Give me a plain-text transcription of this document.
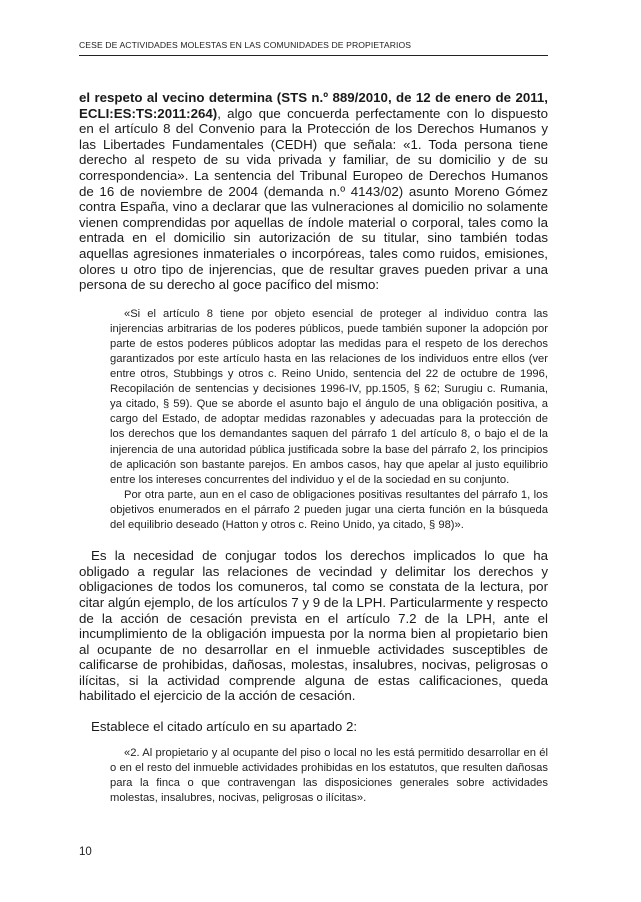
CESE DE ACTIVIDADES MOLESTAS EN LAS COMUNIDADES DE PROPIETARIOS

el respeto al vecino determina (STS n.º 889/2010, de 12 de enero de 2011, ECLI:ES:TS:2011:264), algo que concuerda perfectamente con lo dispuesto en el artículo 8 del Convenio para la Protección de los Derechos Humanos y las Libertades Fundamentales (CEDH) que señala: «1. Toda persona tiene derecho al respeto de su vida privada y familiar, de su domicilio y de su correspondencia». La sentencia del Tribunal Europeo de Derechos Humanos de 16 de noviembre de 2004 (demanda n.º 4143/02) asunto Moreno Gómez contra España, vino a declarar que las vulneraciones al domicilio no solamente vienen comprendidas por aquellas de índole material o corporal, tales como la entrada en el domicilio sin autorización de su titular, sino también todas aquellas agresiones inmateriales o incorpóreas, tales como ruidos, emisiones, olores u otro tipo de injerencias, que de resultar graves pueden privar a una persona de su derecho al goce pacífico del mismo:

«Si el artículo 8 tiene por objeto esencial de proteger al individuo contra las injerencias arbitrarias de los poderes públicos, puede también suponer la adopción por parte de estos poderes públicos adoptar las medidas para el respeto de los derechos garantizados por este artículo hasta en las relaciones de los individuos entre ellos (ver entre otros, Stubbings y otros c. Reino Unido, sentencia del 22 de octubre de 1996, Recopilación de sentencias y decisiones 1996-IV, pp.1505, § 62; Surugiu c. Rumania, ya citado, § 59). Que se aborde el asunto bajo el ángulo de una obligación positiva, a cargo del Estado, de adoptar medidas razonables y adecuadas para la protección de los derechos que los demandantes saquen del párrafo 1 del artículo 8, o bajo el de la injerencia de una autoridad pública justificada sobre la base del párrafo 2, los principios de aplicación son bastante parejos. En ambos casos, hay que apelar al justo equilibrio entre los intereses concurrentes del individuo y el de la sociedad en su conjunto.

Por otra parte, aun en el caso de obligaciones positivas resultantes del párrafo 1, los objetivos enumerados en el párrafo 2 pueden jugar una cierta función en la búsqueda del equilibrio deseado (Hatton y otros c. Reino Unido, ya citado, § 98)».

Es la necesidad de conjugar todos los derechos implicados lo que ha obligado a regular las relaciones de vecindad y delimitar los derechos y obligaciones de todos los comuneros, tal como se constata de la lectura, por citar algún ejemplo, de los artículos 7 y 9 de la LPH. Particularmente y respecto de la acción de cesación prevista en el artículo 7.2 de la LPH, ante el incumplimiento de la obligación impuesta por la norma bien al propietario bien al ocupante de no desarrollar en el inmueble actividades susceptibles de calificarse de prohibidas, dañosas, molestas, insalubres, nocivas, peligrosas o ilícitas, si la actividad comprende alguna de estas calificaciones, queda habilitado el ejercicio de la acción de cesación.

Establece el citado artículo en su apartado 2:

«2. Al propietario y al ocupante del piso o local no les está permitido desarrollar en él o en el resto del inmueble actividades prohibidas en los estatutos, que resulten dañosas para la finca o que contravengan las disposiciones generales sobre actividades molestas, insalubres, nocivas, peligrosas o ilícitas».

10
